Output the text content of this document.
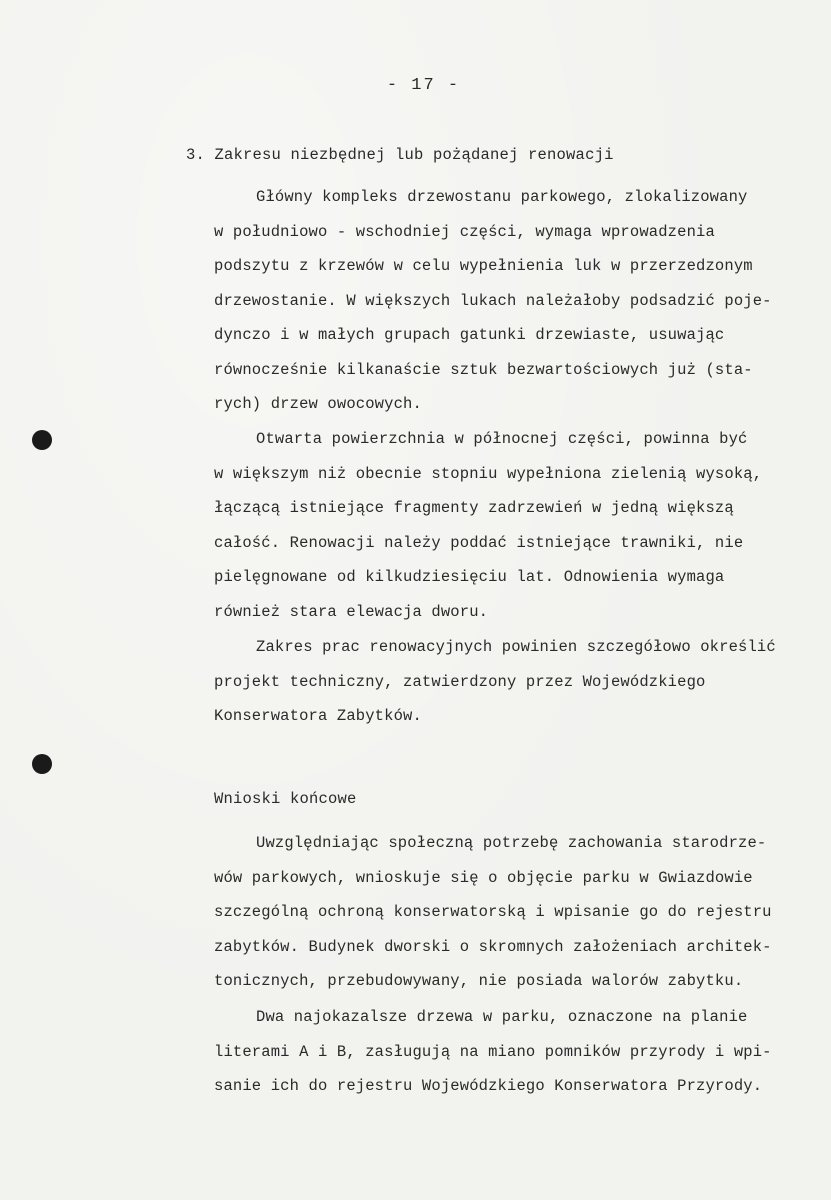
- 17 -
3. Zakresu niezbędnej lub pożądanej renowacji
Główny kompleks drzewostanu parkowego, zlokalizowany
w południowo - wschodniej części, wymaga wprowadzenia
podszytu z krzewów w celu wypełnienia luk w przerzedzonym
drzewostanie. W większych lukach należałoby podsadzić poje-
dynczo i w małych grupach gatunki drzewiaste, usuwając
równocześnie kilkanaście sztuk bezwartościowych już (sta-
rych) drzew owocowych.
Otwarta powierzchnia w północnej części, powinna być
w większym niż obecnie stopniu wypełniona zielenią wysoką,
łączącą istniejące fragmenty zadrzewień w jedną większą
całość. Renowacji należy poddać istniejące trawniki, nie
pielęgnowane od kilkudziesięciu lat. Odnowienia wymaga
również stara elewacja dworu.
Zakres prac renowacyjnych powinien szczegółowo określić
projekt techniczny, zatwierdzony przez Wojewódzkiego
Konserwatora Zabytków.
Wnioski końcowe
Uwzględniając społeczną potrzebę zachowania starodrze-
wów parkowych, wnioskuje się o objęcie parku w Gwiazdowie
szczególną ochroną konserwatorską i wpisanie go do rejestru
zabytków. Budynek dworski o skromnych założeniach architek-
tonicznych, przebudowywany, nie posiada walorów zabytku.
Dwa najokazalsze drzewa w parku, oznaczone na planie
literami A i B, zasługują na miano pomników przyrody i wpi-
sanie ich do rejestru Wojewódzkiego Konserwatora Przyrody.
